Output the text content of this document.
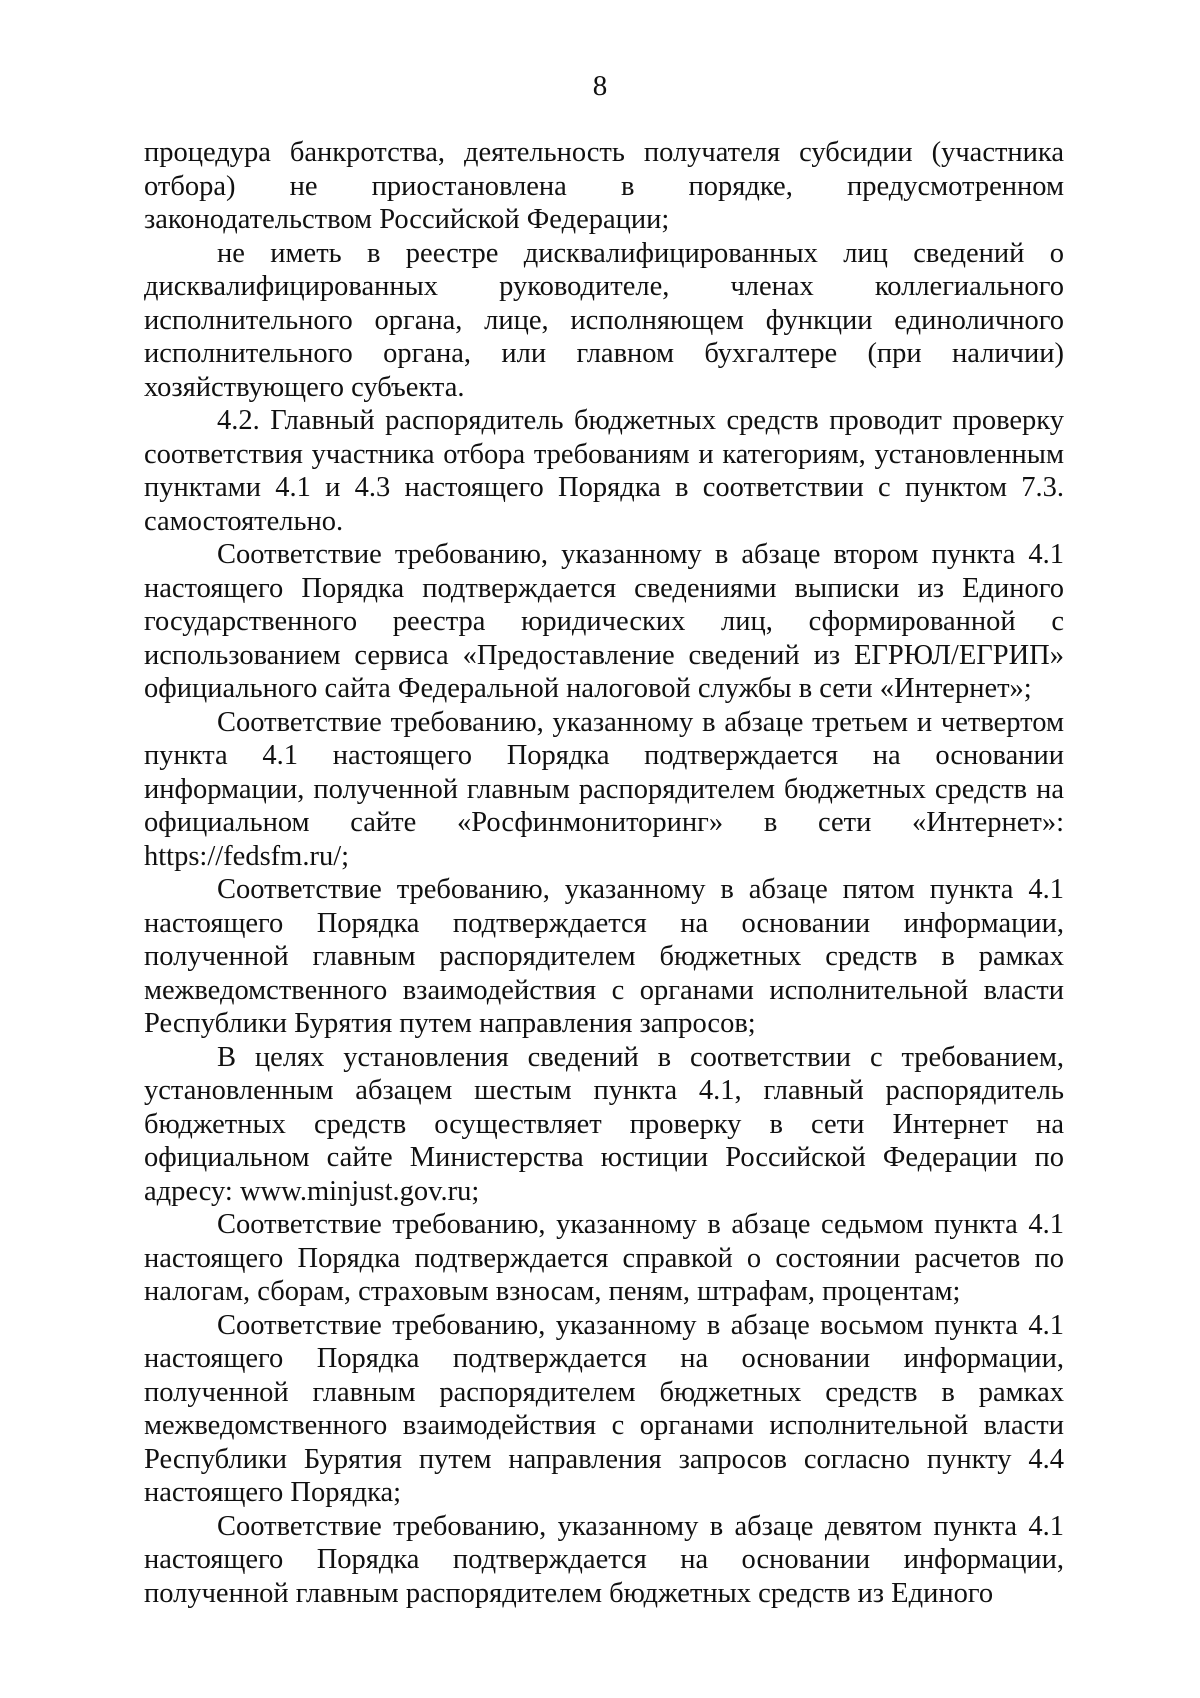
8

процедура банкротства, деятельность получателя субсидии (участника отбора) не приостановлена в порядке, предусмотренном законодательством Российской Федерации;

не иметь в реестре дисквалифицированных лиц сведений о дисквалифицированных руководителе, членах коллегиального исполнительного органа, лице, исполняющем функции единоличного исполнительного органа, или главном бухгалтере (при наличии) хозяйствующего субъекта.

4.2. Главный распорядитель бюджетных средств проводит проверку соответствия участника отбора требованиям и категориям, установленным пунктами 4.1 и 4.3 настоящего Порядка в соответствии с пунктом 7.3. самостоятельно.

Соответствие требованию, указанному в абзаце втором пункта 4.1 настоящего Порядка подтверждается сведениями выписки из Единого государственного реестра юридических лиц, сформированной с использованием сервиса «Предоставление сведений из ЕГРЮЛ/ЕГРИП» официального сайта Федеральной налоговой службы в сети «Интернет»;

Соответствие требованию, указанному в абзаце третьем и четвертом пункта 4.1 настоящего Порядка подтверждается на основании информации, полученной главным распорядителем бюджетных средств на официальном сайте «Росфинмониторинг» в сети «Интернет»: https://fedsfm.ru/;

Соответствие требованию, указанному в абзаце пятом пункта 4.1 настоящего Порядка подтверждается на основании информации, полученной главным распорядителем бюджетных средств в рамках межведомственного взаимодействия с органами исполнительной власти Республики Бурятия путем направления запросов;

В целях установления сведений в соответствии с требованием, установленным абзацем шестым пункта 4.1, главный распорядитель бюджетных средств осуществляет проверку в сети Интернет на официальном сайте Министерства юстиции Российской Федерации по адресу: www.minjust.gov.ru;

Соответствие требованию, указанному в абзаце седьмом пункта 4.1 настоящего Порядка подтверждается справкой о состоянии расчетов по налогам, сборам, страховым взносам, пеням, штрафам, процентам;

Соответствие требованию, указанному в абзаце восьмом пункта 4.1 настоящего Порядка подтверждается на основании информации, полученной главным распорядителем бюджетных средств в рамках межведомственного взаимодействия с органами исполнительной власти Республики Бурятия путем направления запросов согласно пункту 4.4 настоящего Порядка;

Соответствие требованию, указанному в абзаце девятом пункта 4.1 настоящего Порядка подтверждается на основании информации, полученной главным распорядителем бюджетных средств из Единого
